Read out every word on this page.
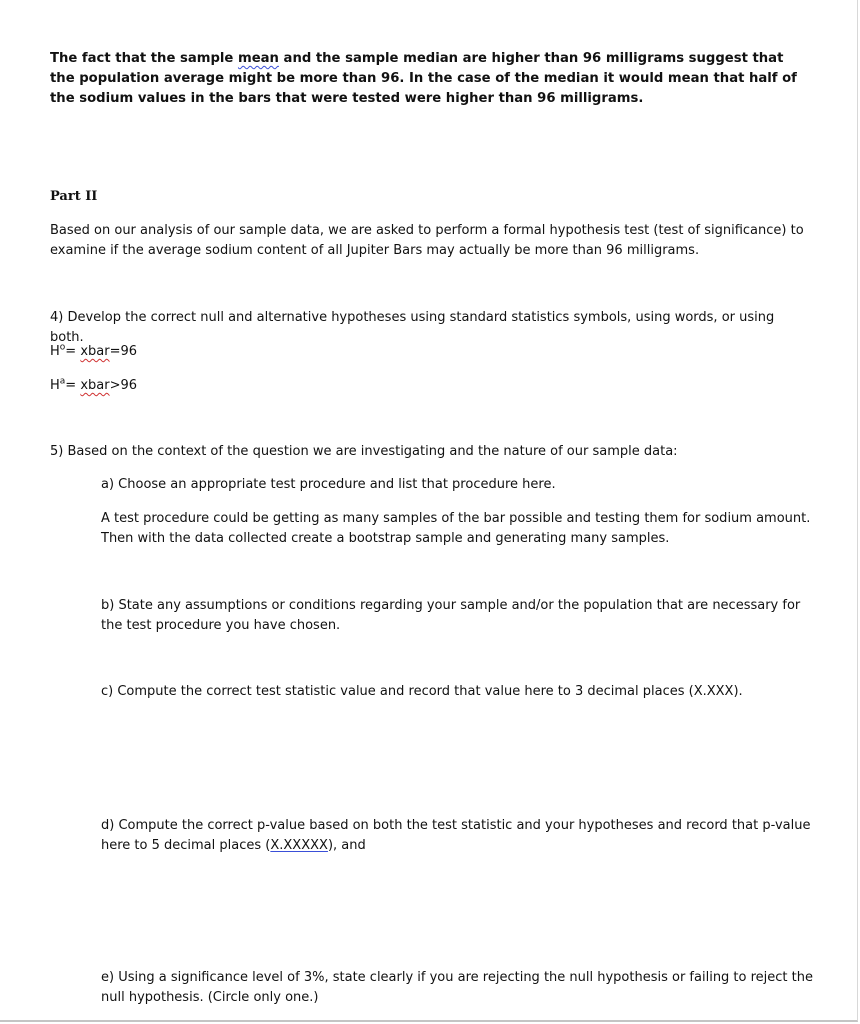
The fact that the sample mean and the sample median are higher than 96 milligrams suggest that the population average might be more than 96. In the case of the median it would mean that half of the sodium values in the bars that were tested were higher than 96 milligrams.

Part II

Based on our analysis of our sample data, we are asked to perform a formal hypothesis test (test of significance) to examine if the average sodium content of all Jupiter Bars may actually be more than 96 milligrams.

4) Develop the correct null and alternative hypotheses using standard statistics symbols, using words, or using both.

$H^o=$ xbar=96

$H^a=$ xbar>96

5) Based on the context of the question we are investigating and the nature of our sample data:

a) Choose an appropriate test procedure and list that procedure here.

A test procedure could be getting as many samples of the bar possible and testing them for sodium amount. Then with the data collected create a bootstrap sample and generating many samples.

b) State any assumptions or conditions regarding your sample and/or the population that are necessary for the test procedure you have chosen.

c) Compute the correct test statistic value and record that value here to 3 decimal places (X.XXX).

d) Compute the correct p-value based on both the test statistic and your hypotheses and record that p-value here to 5 decimal places (X.XXXXX), and

e) Using a significance level of 3%, state clearly if you are rejecting the null hypothesis or failing to reject the null hypothesis. (Circle only one.)
